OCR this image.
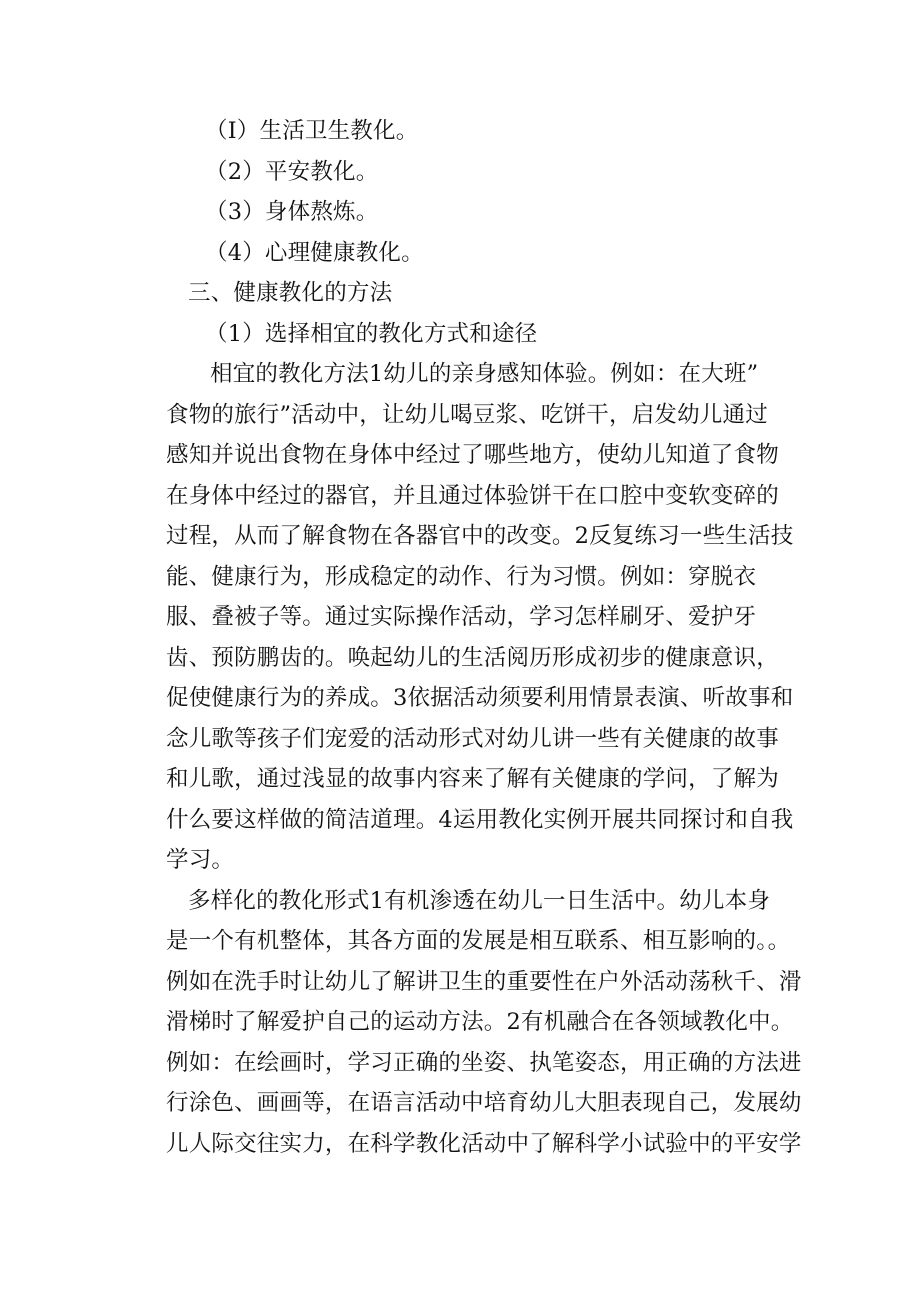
（I）生活卫生教化。
（2）平安教化。
（3）身体熬炼。
（4）心理健康教化。
三、健康教化的方法
（1）选择相宜的教化方式和途径
相宜的教化方法1幼儿的亲身感知体验。例如：在大班”
食物的旅行”活动中，让幼儿喝豆浆、吃饼干，启发幼儿通过
感知并说出食物在身体中经过了哪些地方，使幼儿知道了食物
在身体中经过的器官，并且通过体验饼干在口腔中变软变碎的
过程，从而了解食物在各器官中的改变。2反复练习一些生活技
能、健康行为，形成稳定的动作、行为习惯。例如：穿脱衣
服、叠被子等。通过实际操作活动，学习怎样刷牙、爱护牙
齿、预防鹏齿的。唤起幼儿的生活阅历形成初步的健康意识，
促使健康行为的养成。3依据活动须要利用情景表演、听故事和
念儿歌等孩子们宠爱的活动形式对幼儿讲一些有关健康的故事
和儿歌，通过浅显的故事内容来了解有关健康的学问，了解为
什么要这样做的简洁道理。4运用教化实例开展共同探讨和自我
学习。
多样化的教化形式1有机渗透在幼儿一日生活中。幼儿本身
是一个有机整体，其各方面的发展是相互联系、相互影响的。。
例如在洗手时让幼儿了解讲卫生的重要性在户外活动荡秋千、滑
滑梯时了解爱护自己的运动方法。2有机融合在各领域教化中。
例如：在绘画时，学习正确的坐姿、执笔姿态，用正确的方法进
行涂色、画画等，在语言活动中培育幼儿大胆表现自己，发展幼
儿人际交往实力，在科学教化活动中了解科学小试验中的平安学
